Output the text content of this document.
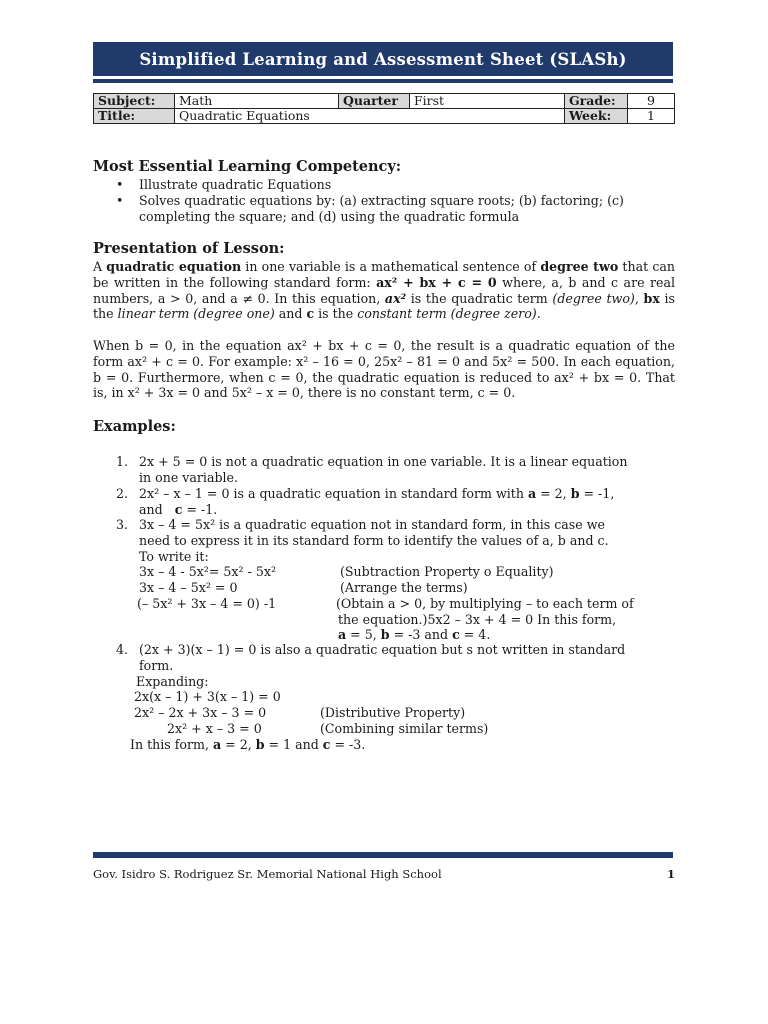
Simplified Learning and Assessment Sheet (SLASh)
Subject:	Math	Quarter	First	Grade:	9
Title:	Quadratic Equations			Week:	1
Most Essential Learning Competency:
• Illustrate quadratic Equations
• Solves quadratic equations by: (a) extracting square roots; (b) factoring; (c)
completing the square; and (d) using the quadratic formula
Presentation of Lesson:
A quadratic equation in one variable is a mathematical sentence of degree two that can be written in the following standard form: ax² + bx + c = 0 where, a, b and c are real numbers, a > 0, and a ≠ 0. In this equation, ax² is the quadratic term (degree two), bx is the linear term (degree one) and c is the constant term (degree zero).
When b = 0, in the equation ax² + bx + c = 0, the result is a quadratic equation of the form ax² + c = 0. For example: x² – 16 = 0, 25x² – 81 = 0 and 5x² = 500. In each equation, b = 0. Furthermore, when c = 0, the quadratic equation is reduced to ax² + bx = 0. That is, in x² + 3x = 0 and 5x² – x = 0, there is no constant term, c = 0.
Examples:
1. 2x + 5 = 0 is not a quadratic equation in one variable. It is a linear equation
in one variable.
2. 2x² – x – 1 = 0 is a quadratic equation in standard form with a = 2, b = -1,
and   c = -1.
3. 3x – 4 = 5x² is a quadratic equation not in standard form, in this case we
need to express it in its standard form to identify the values of a, b and c.
To write it:
3x – 4 - 5x²= 5x² - 5x²	(Subtraction Property o Equality)
3x – 4 – 5x² = 0	(Arrange the terms)
(– 5x² + 3x – 4 = 0) -1	(Obtain a > 0, by multiplying – to each term of
the equation.)5x2 – 3x + 4 = 0 In this form,
a = 5, b = -3 and c = 4.
4. (2x + 3)(x – 1) = 0 is also a quadratic equation but s not written in standard
form.
Expanding:
2x(x – 1) + 3(x – 1) = 0
2x² – 2x + 3x – 3 = 0	(Distributive Property)
2x² + x – 3 = 0	(Combining similar terms)
In this form, a = 2, b = 1 and c = -3.
Gov. Isidro S. Rodriguez Sr. Memorial National High School	1
